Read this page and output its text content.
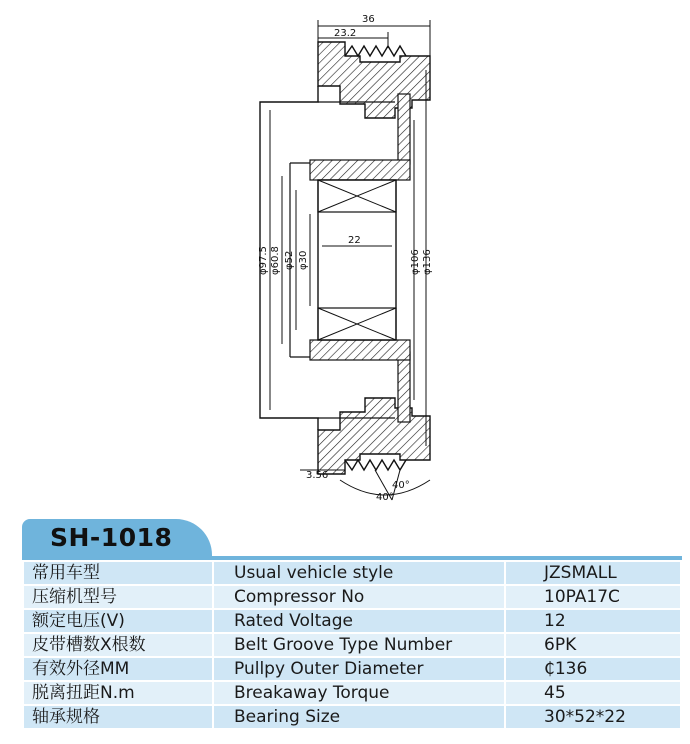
36
23.2
φ97.5 φ60.8 φ52 φ30
22
φ106 φ136
3.56
40°
40°
SH-1018
常用车型	Usual vehicle style	JZSMALL
压缩机型号	Compressor No	10PA17C
额定电压(V)	Rated Voltage	12
皮带槽数X根数	Belt Groove Type Number	6PK
有效外径MM	Pullpy Outer Diameter	₵136
脱离扭距N.m	Breakaway Torque	45
轴承规格	Bearing Size	30*52*22
